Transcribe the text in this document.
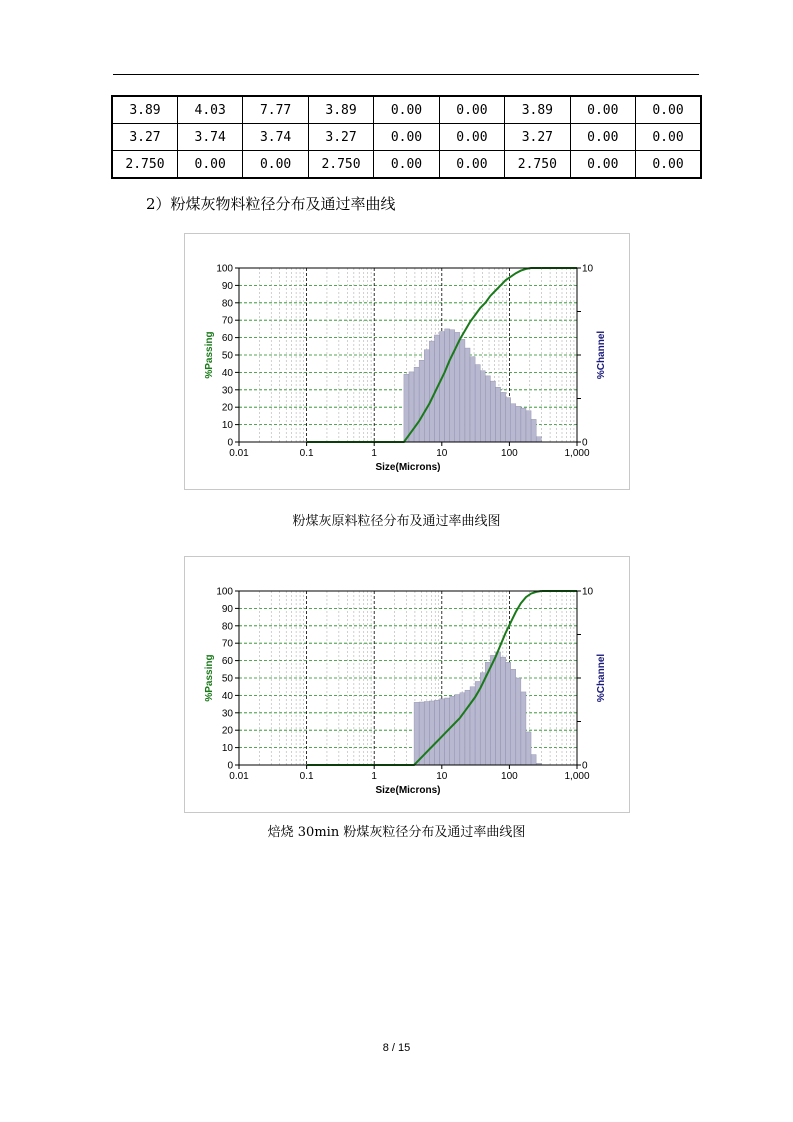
3.89	4.03	7.77	3.89	0.00	0.00	3.89	0.00	0.00
3.27	3.74	3.74	3.27	0.00	0.00	3.27	0.00	0.00
2.750	0.00	0.00	2.750	0.00	0.00	2.750	0.00	0.00
2）粉煤灰物料粒径分布及通过率曲线
0
10
20
30
40
50
60
70
80
90
100
0
10
0.01	0.1	1	10	100	1,000
Size(Microns)
%Passing	%Channel
粉煤灰原料粒径分布及通过率曲线图
0
10
20
30
40
50
60
70
80
90
100
0
10
0.01	0.1	1	10	100	1,000
Size(Microns)
%Passing	%Channel
焙烧 30min 粉煤灰粒径分布及通过率曲线图
8 / 15
